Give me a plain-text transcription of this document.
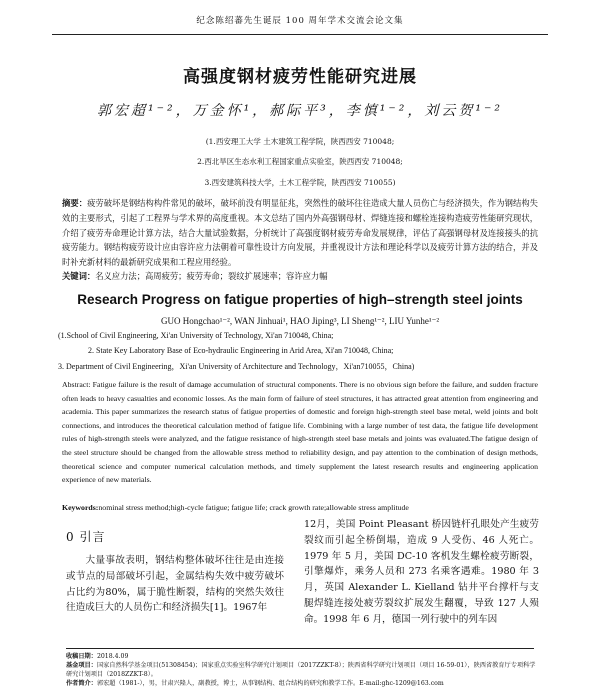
纪念陈绍蕃先生诞辰 100 周年学术交流会论文集
高强度钢材疲劳性能研究进展
郭宏超¹⁻²，万金怀¹，郝际平³，李慎¹⁻²，刘云贺¹⁻²
(1.西安理工大学 土木建筑工程学院，陕西西安 710048;
2.西北旱区生态水利工程国家重点实验室，陕西西安 710048;
3.西安建筑科技大学，土木工程学院，陕西西安 710055)
摘要：疲劳破坏是钢结构构件常见的破坏，破坏前没有明显征兆，突然性的破坏往往造成大量人员伤亡与经济损失，作为钢结构失效的主要形式，引起了工程界与学术界的高度重视。本文总结了国内外高强钢母材、焊缝连接和螺栓连接构造疲劳性能研究现状，介绍了疲劳寿命理论计算方法，结合大量试验数据，分析统计了高强度钢材疲劳寿命发展规律，评估了高强钢母材及连接接头的抗疲劳能力。钢结构疲劳设计应由容许应力法朝着可靠性设计方向发展，并重视设计方法和理论科学以及疲劳计算方法的结合，并及时补充新材料的最新研究成果和工程应用经验。
关键词：名义应力法；高周疲劳；疲劳寿命；裂纹扩展速率；容许应力幅
Research Progress on fatigue properties of high–strength steel joints
GUO Hongchao¹⁻², WAN Jinhuai¹, HAO Jiping³, LI Sheng¹⁻², LIU Yunhe¹⁻²
(1.School of Civil Engineering, Xi'an University of Technology, Xi'an 710048, China;
2. State Key Laboratory Base of Eco-hydraulic Engineering in Arid Area, Xi'an 710048, China;
3. Department of Civil Engineering，Xi'an University of Architecture and Technology，Xi'an710055，China)
Abstract: Fatigue failure is the result of damage accumulation of structural components. There is no obvious sign before the failure, and sudden fracture often leads to heavy casualties and economic losses. As the main form of failure of steel structures, it has attracted great attention from engineering and academia. This paper summarizes the research status of fatigue properties of domestic and foreign high-strength steel base metal, weld joints and bolt connections, and introduces the theoretical calculation method of fatigue life. Combining with a large number of test data, the fatigue life development rules of high-strength steels were analyzed, and the fatigue resistance of high-strength steel base metals and joints was evaluated.The fatigue design of the steel structure should be changed from the allowable stress method to reliability design, and pay attention to the combination of design methods, theoretical science and computer numerical calculation methods, and timely supplement the latest research results and engineering application experience of new materials.
Keywords:nominal stress method;high-cycle fatigue; fatigue life; crack growth rate;allowable stress amplitude
0 引言
大量事故表明，钢结构整体破坏往往是由连接或节点的局部破坏引起，金属结构失效中疲劳破坏占比约为80%，属于脆性断裂，结构的突然失效往往造成巨大的人员伤亡和经济损失[1]。1967年
12月，美国 Point Pleasant 桥因链杆孔眼处产生疲劳裂纹而引起全桥倒塌，造成 9 人受伤、46 人死亡。1979 年 5 月，美国 DC-10 客机发生螺栓疲劳断裂，引擎爆炸，乘务人员和 273 名乘客遇难。1980 年 3 月，英国 Alexander L. Kielland 钻井平台撑杆与支腿焊缝连接处疲劳裂纹扩展发生翻覆，导致 127 人殒命。1998 年 6 月，德国一列行驶中的列车因
收稿日期：2018.4.09
基金项目：国家自然科学基金项目(51308454)；国家重点实验室科学研究计划项目（2017ZZKT-8）；陕西省科学研究计划项目（项目 16-59-01），陕西省教育厅专项科学研究计划项目（2018ZZKT-8）。
作者简介：郭宏超（1981-），男，甘肃兴隆人，副教授，博士，从事钢结构、组合结构的研究和教学工作。E-mail:ghc-1209@163.com
